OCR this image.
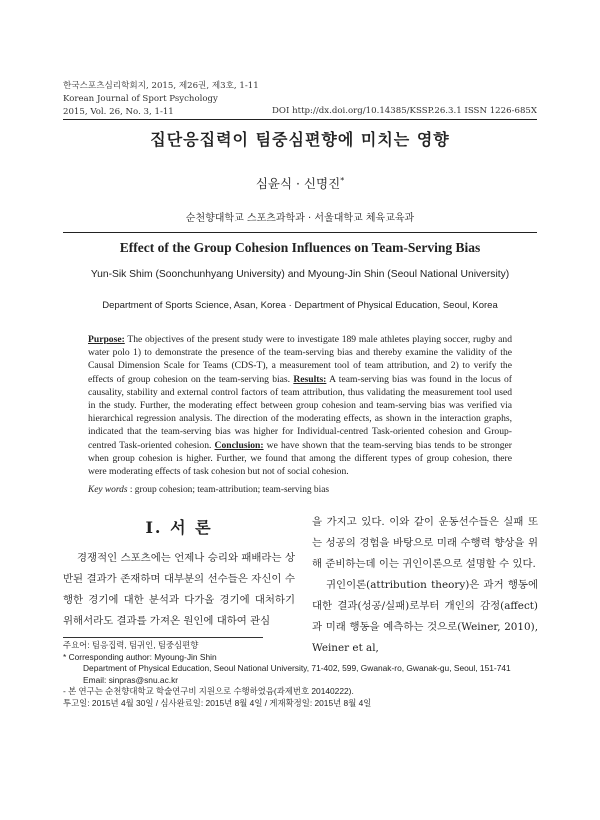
한국스포츠심리학회지, 2015, 제26권, 제3호, 1-11
Korean Journal of Sport Psychology
2015, Vol. 26, No. 3, 1-11	DOI http://dx.doi.org/10.14385/KSSP.26.3.1 ISSN 1226-685X
집단응집력이 팀중심편향에 미치는 영향
심윤식 · 신명진*
순천향대학교 스포츠과학과 · 서울대학교 체육교육과
Effect of the Group Cohesion Influences on Team-Serving Bias
Yun-Sik Shim (Soonchunhyang University) and Myoung-Jin Shin (Seoul National University)
Department of Sports Science, Asan, Korea · Department of Physical Education, Seoul, Korea
Purpose: The objectives of the present study were to investigate 189 male athletes playing soccer, rugby and water polo 1) to demonstrate the presence of the team-serving bias and thereby examine the validity of the Causal Dimension Scale for Teams (CDS-T), a measurement tool of team attribution, and 2) to verify the effects of group cohesion on the team-serving bias. Results: A team-serving bias was found in the locus of causality, stability and external control factors of team attribution, thus validating the measurement tool used in the study. Further, the moderating effect between group cohesion and team-serving bias was verified via hierarchical regression analysis. The direction of the moderating effects, as shown in the interaction graphs, indicated that the team-serving bias was higher for Individual-centred Task-oriented cohesion and Group-centred Task-oriented cohesion. Conclusion: we have shown that the team-serving bias tends to be stronger when group cohesion is higher. Further, we found that among the different types of group cohesion, there were moderating effects of task cohesion but not of social cohesion.
Key words : group cohesion; team-attribution; team-serving bias
I. 서 론

경쟁적인 스포츠에는 언제나 승리와 패배라는 상반된 결과가 존재하며 대부분의 선수들은 자신이 수행한 경기에 대한 분석과 다가올 경기에 대처하기 위해서라도 결과를 가져온 원인에 대하여 관심

을 가지고 있다. 이와 같이 운동선수들은 실패 또는 성공의 경험을 바탕으로 미래 수행력 향상을 위해 준비하는데 이는 귀인이론으로 설명할 수 있다.

귀인이론(attribution theory)은 과거 행동에 대한 결과(성공/실패)로부터 개인의 감정(affect)과 미래 행동을 예측하는 것으로(Weiner, 2010), Weiner et al,

주요어: 팀응집력, 팀귀인, 팀중심편향
* Corresponding author: Myoung-Jin Shin
Department of Physical Education, Seoul National University, 71-402, 599, Gwanak-ro, Gwanak-gu, Seoul, 151-741
Email: sinpras@snu.ac.kr
- 본 연구는 순천향대학교 학술연구비 지원으로 수행하였음(과제번호 20140222).
투고일: 2015년 4월 30일 / 심사완료일: 2015년 8월 4일 / 게재확정일: 2015년 8월 4일
